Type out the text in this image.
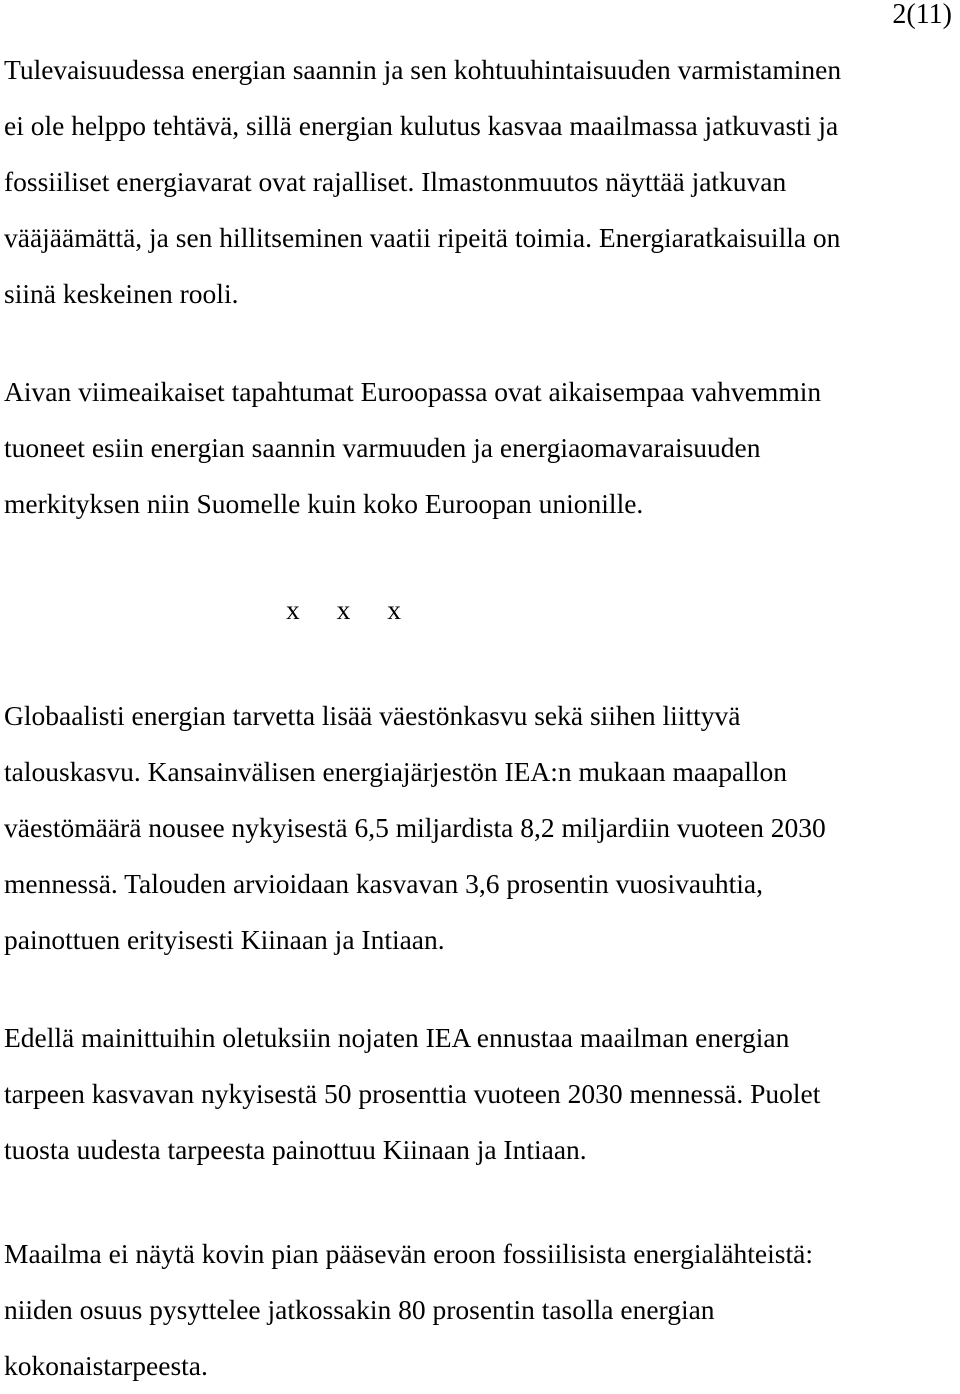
2(11)
Tulevaisuudessa energian saannin ja sen kohtuuhintaisuuden varmistaminen
ei ole helppo tehtävä, sillä energian kulutus kasvaa maailmassa jatkuvasti ja
fossiiliset energiavarat ovat rajalliset. Ilmastonmuutos näyttää jatkuvan
vääjäämättä, ja sen hillitseminen vaatii ripeitä toimia. Energiaratkaisuilla on
siinä keskeinen rooli.
Aivan viimeaikaiset tapahtumat Euroopassa ovat aikaisempaa vahvemmin
tuoneet esiin energian saannin varmuuden ja energiaomavaraisuuden
merkityksen niin Suomelle kuin koko Euroopan unionille.
x x x
Globaalisti energian tarvetta lisää väestönkasvu sekä siihen liittyvä
talouskasvu. Kansainvälisen energiajärjestön IEA:n mukaan maapallon
väestömäärä nousee nykyisestä 6,5 miljardista 8,2 miljardiin vuoteen 2030
mennessä. Talouden arvioidaan kasvavan 3,6 prosentin vuosivauhtia,
painottuen erityisesti Kiinaan ja Intiaan.
Edellä mainittuihin oletuksiin nojaten IEA ennustaa maailman energian
tarpeen kasvavan nykyisestä 50 prosenttia vuoteen 2030 mennessä. Puolet
tuosta uudesta tarpeesta painottuu Kiinaan ja Intiaan.
Maailma ei näytä kovin pian pääsevän eroon fossiilisista energialähteistä:
niiden osuus pysyttelee jatkossakin 80 prosentin tasolla energian
kokonaistarpeesta.
